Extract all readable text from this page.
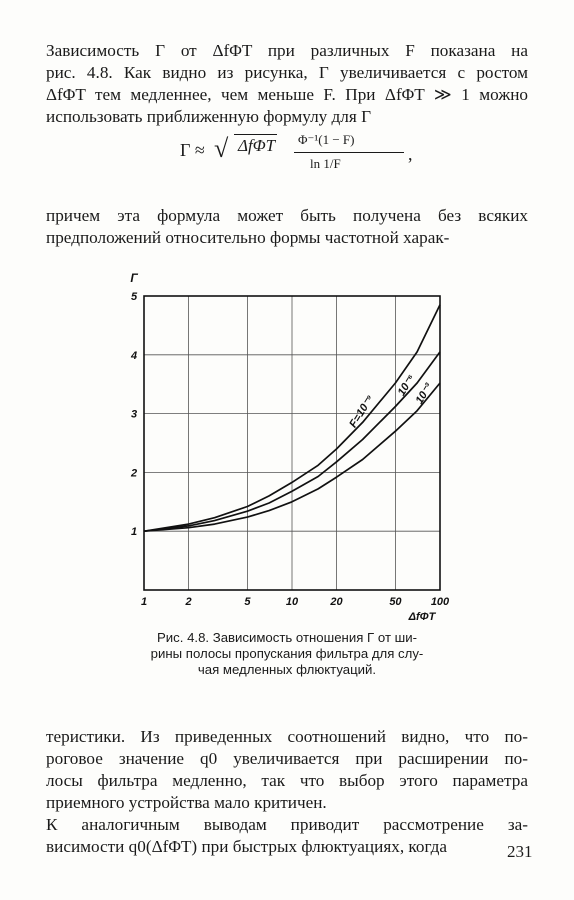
Зависимость Γ от ΔfΦT при различных F показана на
рис. 4.8. Как видно из рисунка, Γ увеличивается с ростом
ΔfΦT тем медленнее, чем меньше F. При ΔfΦT ≫ 1 можно
использовать приближенную формулу для Γ
Γ ≈ √ ΔfΦT Φ⁻¹(1 − F)
ln 1/F	,
причем эта формула может быть получена без всяких
предположений относительно формы частотной харак-
1	2	5	10	20	50	100
1
2
3
4
5
Γ
ΔfΦT
F=10⁻⁹
10⁻⁶
10⁻³
Рис. 4.8. Зависимость отношения Γ от ши-
рины полосы пропускания фильтра для слу-
чая медленных флюктуаций.
теристики. Из приведенных соотношений видно, что по-
роговое значение q0 увеличивается при расширении по-
лосы фильтра медленно, так что выбор этого параметра
приемного устройства мало критичен.
К аналогичным выводам приводит рассмотрение за-
висимости q0(ΔfΦT) при быстрых флюктуациях, когда	231
